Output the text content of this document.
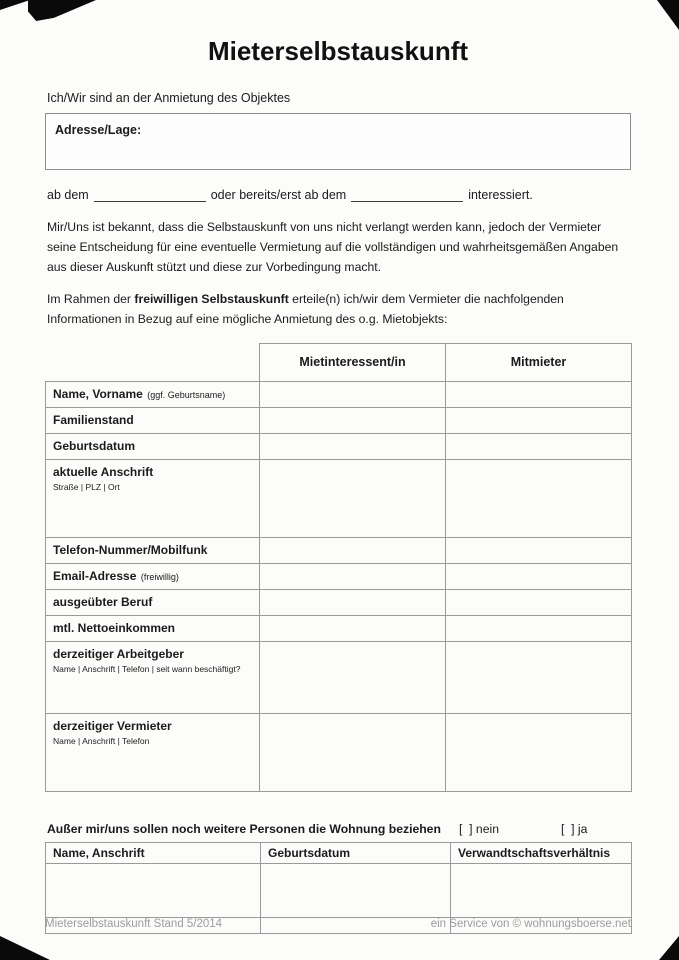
Mieterselbstauskunft

Ich/Wir sind an der Anmietung des Objektes

Adresse/Lage:

ab dem	oder bereits/erst ab dem	interessiert.

Mir/Uns ist bekannt, dass die Selbstauskunft von uns nicht verlangt werden kann, jedoch der Vermieter seine Entscheidung für eine eventuelle Vermietung auf die vollständigen und wahrheitsgemäßen Angaben aus dieser Auskunft stützt und diese zur Vorbedingung macht.

Im Rahmen der freiwilligen Selbstauskunft erteile(n) ich/wir dem Vermieter die nachfolgenden Informationen in Bezug auf eine mögliche Anmietung des o.g. Mietobjekts:

	Mietinteressent/in	Mitmieter
Name, Vorname (ggf. Geburtsname)

Familienstand

Geburtsdatum

aktuelle Anschrift
Straße | PLZ | Ort		

Telefon-Nummer/Mobilfunk

Email-Adresse (freiwillig)

ausgeübter Beruf

mtl. Nettoeinkommen

derzeitiger Arbeitgeber
Name | Anschrift | Telefon | seit wann beschäftigt?		

derzeitiger Vermieter
Name | Anschrift | Telefon		

Außer mir/uns sollen noch weitere Personen die Wohnung beziehen	[  ] nein	[  ] ja
Name, Anschrift	Geburtsdatum	Verwandtschaftsverhältnis

Mieterselbstauskunft Stand 5/2014	ein Service von © wohnungsboerse.net
